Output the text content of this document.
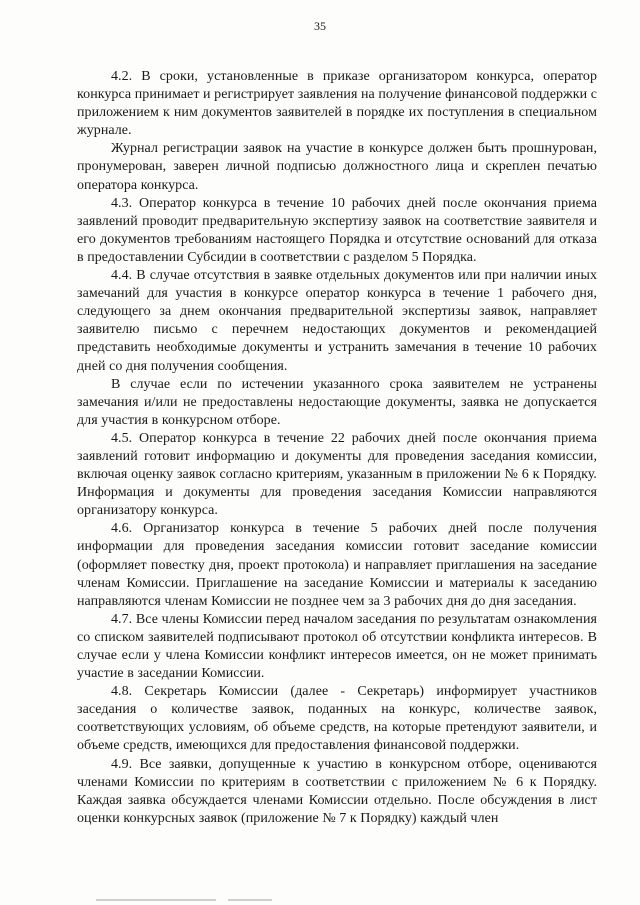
35

4.2. В сроки, установленные в приказе организатором конкурса, оператор конкурса принимает и регистрирует заявления на получение финансовой поддержки с приложением к ним документов заявителей в порядке их поступления в специальном журнале.

Журнал регистрации заявок на участие в конкурсе должен быть прошнурован, пронумерован, заверен личной подписью должностного лица и скреплен печатью оператора конкурса.

4.3. Оператор конкурса в течение 10 рабочих дней после окончания приема заявлений проводит предварительную экспертизу заявок на соответствие заявителя и его документов требованиям настоящего Порядка и отсутствие оснований для отказа в предоставлении Субсидии в соответствии с разделом 5 Порядка.

4.4. В случае отсутствия в заявке отдельных документов или при наличии иных замечаний для участия в конкурсе оператор конкурса в течение 1 рабочего дня, следующего за днем окончания предварительной экспертизы заявок, направляет заявителю письмо с перечнем недостающих документов и рекомендацией представить необходимые документы и устранить замечания в течение 10 рабочих дней со дня получения сообщения.

В случае если по истечении указанного срока заявителем не устранены замечания и/или не предоставлены недостающие документы, заявка не допускается для участия в конкурсном отборе.

4.5. Оператор конкурса в течение 22 рабочих дней после окончания приема заявлений готовит информацию и документы для проведения заседания комиссии, включая оценку заявок согласно критериям, указанным в приложении № 6 к Порядку. Информация и документы для проведения заседания Комиссии направляются организатору конкурса.

4.6. Организатор конкурса в течение 5 рабочих дней после получения информации для проведения заседания комиссии готовит заседание комиссии (оформляет повестку дня, проект протокола) и направляет приглашения на заседание членам Комиссии. Приглашение на заседание Комиссии и материалы к заседанию направляются членам Комиссии не позднее чем за 3 рабочих дня до дня заседания.

4.7. Все члены Комиссии перед началом заседания по результатам ознакомления со списком заявителей подписывают протокол об отсутствии конфликта интересов. В случае если у члена Комиссии конфликт интересов имеется, он не может принимать участие в заседании Комиссии.

4.8. Секретарь Комиссии (далее - Секретарь) информирует участников заседания о количестве заявок, поданных на конкурс, количестве заявок, соответствующих условиям, об объеме средств, на которые претендуют заявители, и объеме средств, имеющихся для предоставления финансовой поддержки.

4.9. Все заявки, допущенные к участию в конкурсном отборе, оцениваются членами Комиссии по критериям в соответствии с приложением № 6 к Порядку. Каждая заявка обсуждается членами Комиссии отдельно. После обсуждения в лист оценки конкурсных заявок (приложение № 7 к Порядку) каждый член
